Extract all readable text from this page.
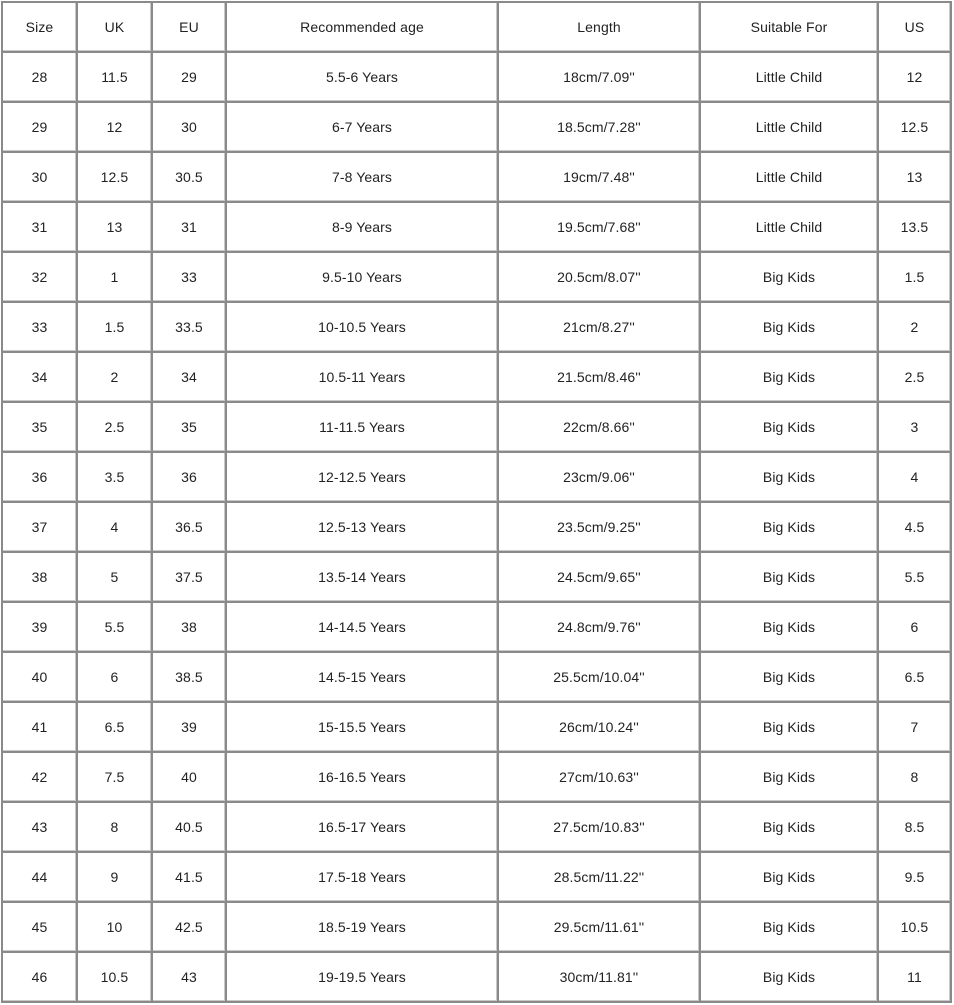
Size	UK	EU	Recommended age	Length	Suitable For	US
28	11.5	29	5.5-6 Years	18cm/7.09''	Little Child	12
29	12	30	6-7 Years	18.5cm/7.28''	Little Child	12.5
30	12.5	30.5	7-8 Years	19cm/7.48''	Little Child	13
31	13	31	8-9 Years	19.5cm/7.68''	Little Child	13.5
32	1	33	9.5-10 Years	20.5cm/8.07''	Big Kids	1.5
33	1.5	33.5	10-10.5 Years	21cm/8.27''	Big Kids	2
34	2	34	10.5-11 Years	21.5cm/8.46''	Big Kids	2.5
35	2.5	35	11-11.5 Years	22cm/8.66''	Big Kids	3
36	3.5	36	12-12.5 Years	23cm/9.06''	Big Kids	4
37	4	36.5	12.5-13 Years	23.5cm/9.25''	Big Kids	4.5
38	5	37.5	13.5-14 Years	24.5cm/9.65''	Big Kids	5.5
39	5.5	38	14-14.5 Years	24.8cm/9.76''	Big Kids	6
40	6	38.5	14.5-15 Years	25.5cm/10.04''	Big Kids	6.5
41	6.5	39	15-15.5 Years	26cm/10.24''	Big Kids	7
42	7.5	40	16-16.5 Years	27cm/10.63''	Big Kids	8
43	8	40.5	16.5-17 Years	27.5cm/10.83''	Big Kids	8.5
44	9	41.5	17.5-18 Years	28.5cm/11.22''	Big Kids	9.5
45	10	42.5	18.5-19 Years	29.5cm/11.61''	Big Kids	10.5
46	10.5	43	19-19.5 Years	30cm/11.81''	Big Kids	11
